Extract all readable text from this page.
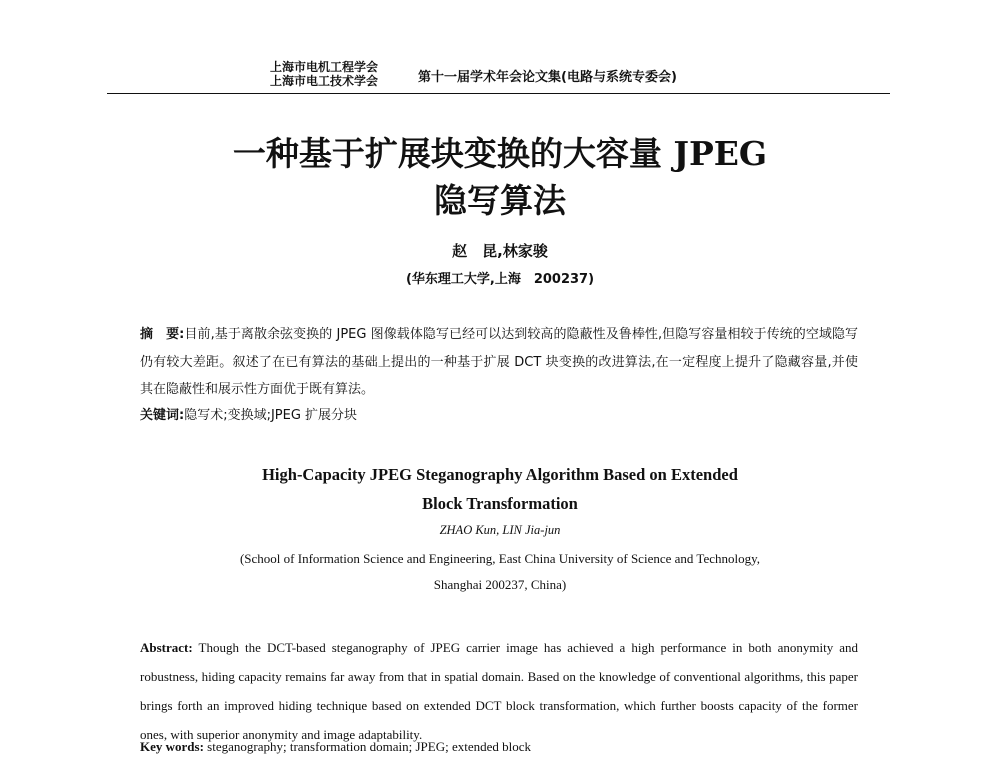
上海市电机工程学会
上海市电工技术学会	第十一届学术年会论文集(电路与系统专委会)
一种基于扩展块变换的大容量 JPEG
隐写算法
赵　昆,林家骏
(华东理工大学,上海　200237)
摘　要:目前,基于离散余弦变换的 JPEG 图像载体隐写已经可以达到较高的隐蔽性及鲁棒性,但隐写容量相较于传统的空域隐写仍有较大差距。叙述了在已有算法的基础上提出的一种基于扩展 DCT 块变换的改进算法,在一定程度上提升了隐藏容量,并使其在隐蔽性和展示性方面优于既有算法。
关键词:隐写术;变换域;JPEG 扩展分块
High-Capacity JPEG Steganography Algorithm Based on Extended
Block Transformation
ZHAO Kun, LIN Jia-jun
(School of Information Science and Engineering, East China University of Science and Technology,
Shanghai 200237, China)
Abstract: Though the DCT-based steganography of JPEG carrier image has achieved a high performance in both anonymity and robustness, hiding capacity remains far away from that in spatial domain. Based on the knowledge of conventional algorithms, this paper brings forth an improved hiding technique based on extended DCT block transformation, which further boosts capacity of the former ones, with superior anonymity and image adaptability.
Key words: steganography; transformation domain; JPEG; extended block
